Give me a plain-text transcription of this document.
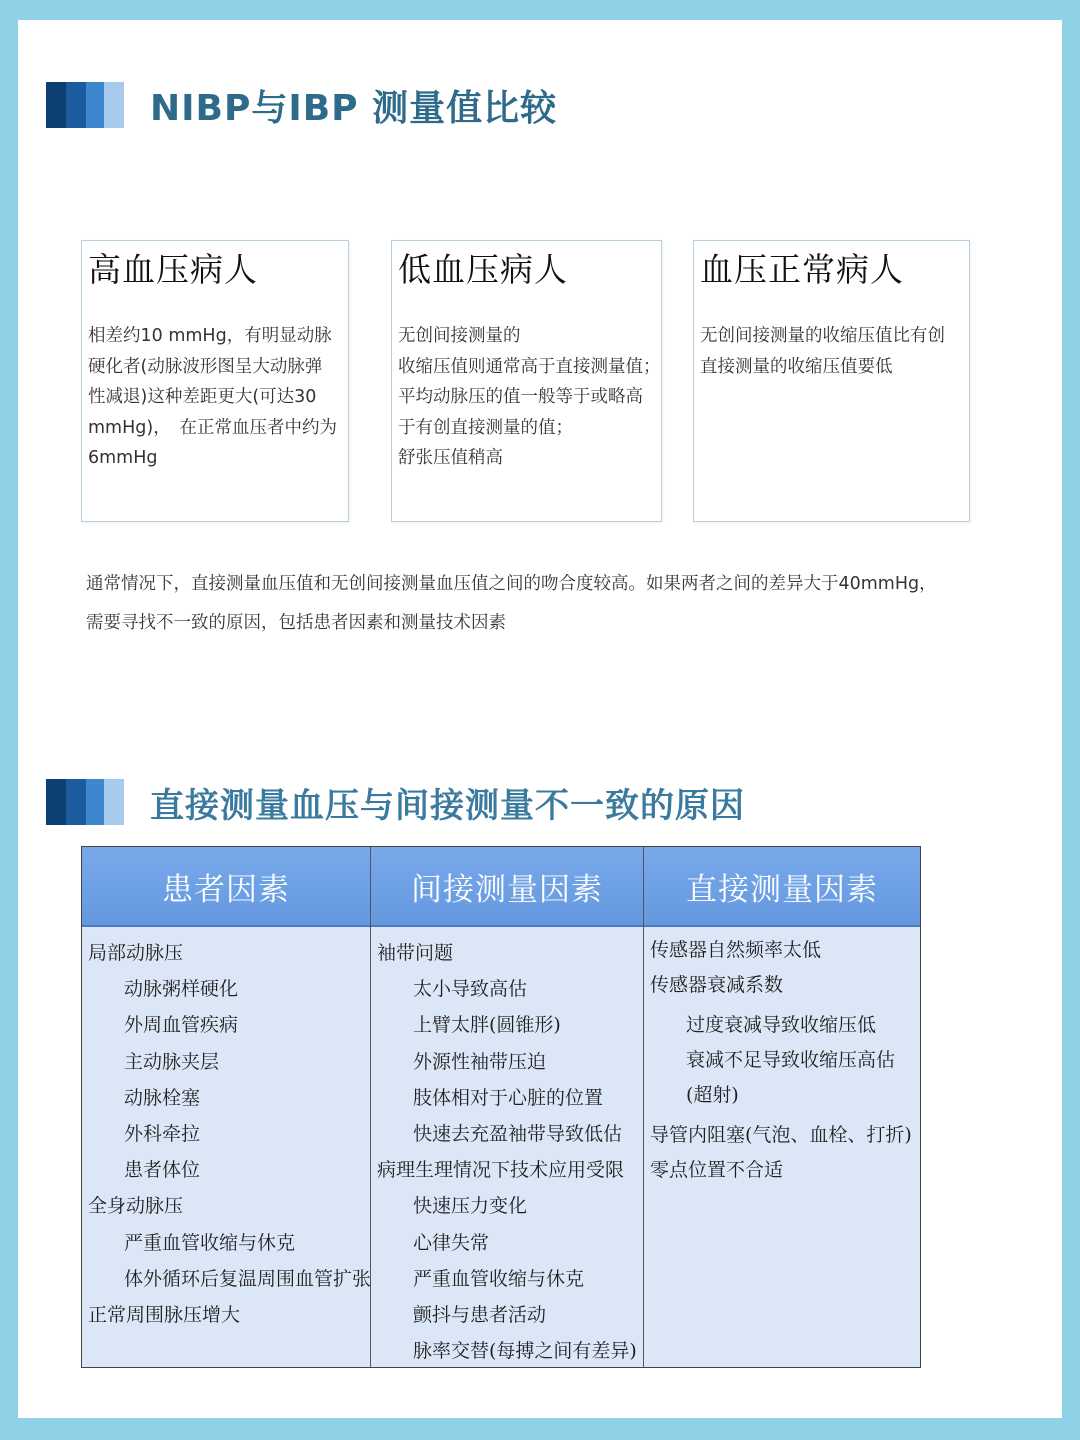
NIBP与IBP 测量值比较
高血压病人
相差约10 mmHg，有明显动脉
硬化者(动脉波形图呈大动脉弹
性减退)这种差距更大(可达30
mmHg)，　在正常血压者中约为
6mmHg
低血压病人
无创间接测量的
收缩压值则通常高于直接测量值；
平均动脉压的值一般等于或略高
于有创直接测量的值；
舒张压值稍高
血压正常病人
无创间接测量的收缩压值比有创
直接测量的收缩压值要低
通常情况下，直接测量血压值和无创间接测量血压值之间的吻合度较高。如果两者之间的差异大于40mmHg，
需要寻找不一致的原因，包括患者因素和测量技术因素
直接测量血压与间接测量不一致的原因
患者因素
局部动脉压
动脉粥样硬化
外周血管疾病
主动脉夹层
动脉栓塞
外科牵拉
患者体位
全身动脉压
严重血管收缩与休克
体外循环后复温周围血管扩张
正常周围脉压增大
间接测量因素
袖带问题
太小导致高估
上臂太胖(圆锥形)
外源性袖带压迫
肢体相对于心脏的位置
快速去充盈袖带导致低估
病理生理情况下技术应用受限
快速压力变化
心律失常
严重血管收缩与休克
颤抖与患者活动
脉率交替(每搏之间有差异)
直接测量因素
传感器自然频率太低
传感器衰减系数
过度衰减导致收缩压低
衰减不足导致收缩压高估
(超射)
导管内阻塞(气泡、血栓、打折)
零点位置不合适
